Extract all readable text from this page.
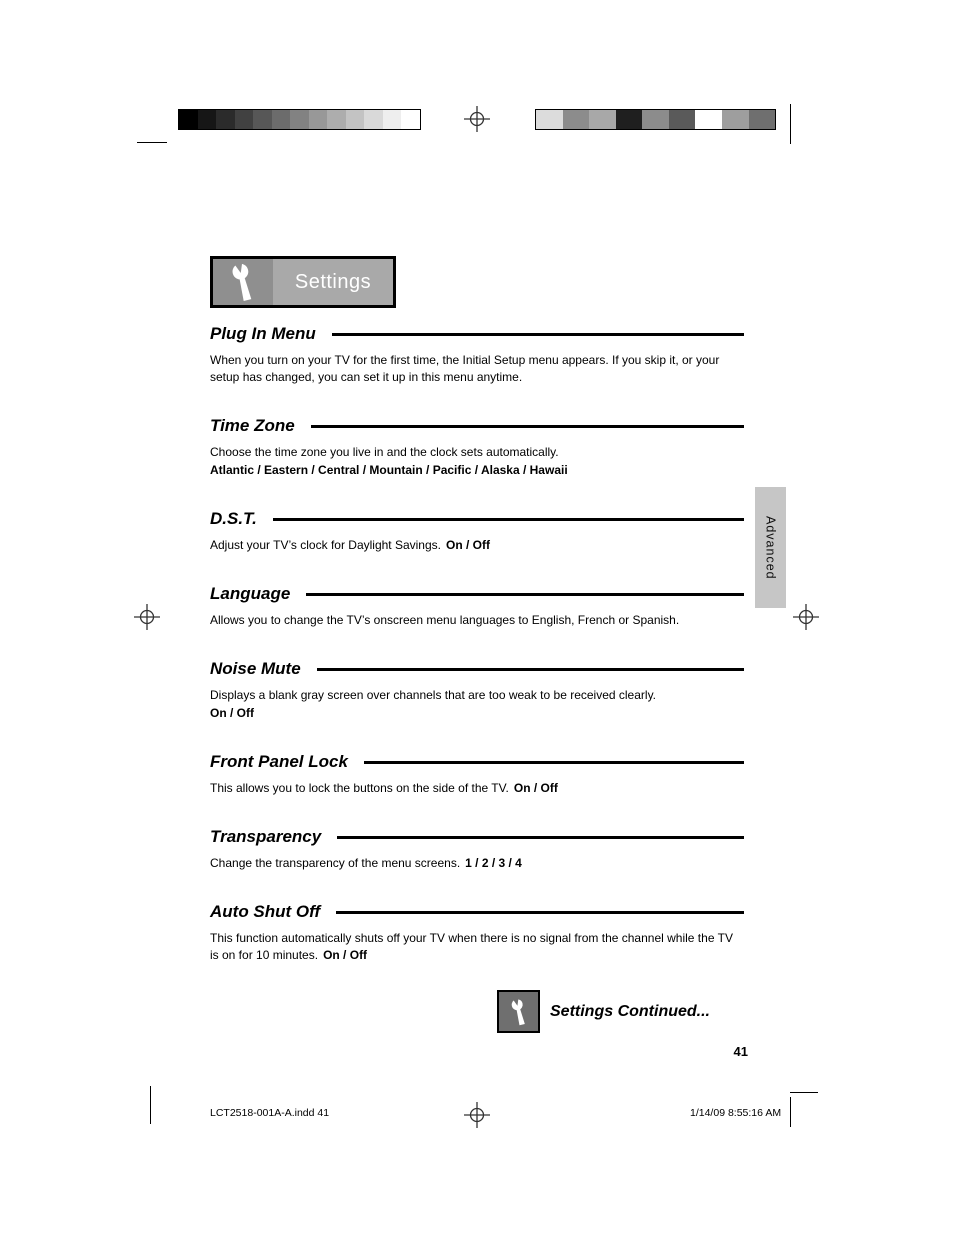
Settings
Plug In Menu

When you turn on your TV for the first time, the Initial Setup menu appears. If you skip it, or your setup has changed, you can set it up in this menu anytime.

Time Zone

Choose the time zone you live in and the clock sets automatically.

Atlantic / Eastern / Central / Mountain / Pacific / Alaska / Hawaii

D.S.T.

Adjust your TV’s clock for Daylight Savings. On / Off

Language

Allows you to change the TV’s onscreen menu languages to English, French or Spanish.

Noise Mute

Displays a blank gray screen over channels that are too weak to be received clearly.

On / Off

Front Panel Lock

This allows you to lock the buttons on the side of the TV. On / Off

Transparency

Change the transparency of the menu screens. 1 / 2 / 3 / 4

Auto Shut Off

This function automatically shuts off your TV when there is no signal from the channel while the TV is on for 10 minutes. On / Off

Advanced
Settings Continued...
41
LCT2518-001A-A.indd 41	1/14/09 8:55:16 AM
